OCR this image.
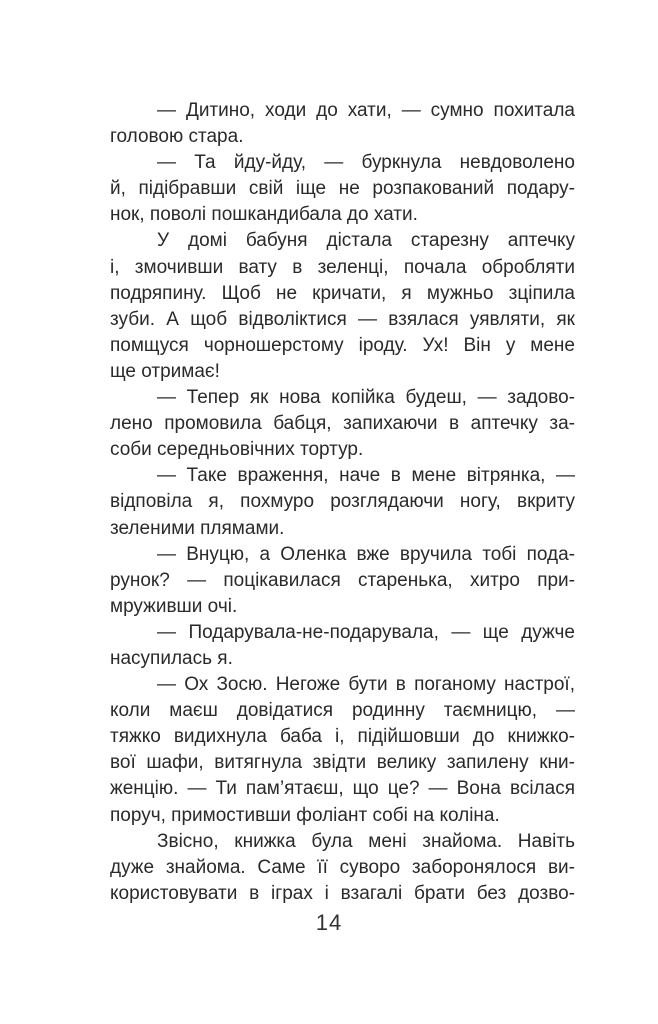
— Дитино, ходи до хати, — сумно похитала
головою стара.
— Та йду-йду, — буркнула невдоволено
й, підібравши свій іще не розпакований подару-
нок, поволі пошкандибала до хати.
У домі бабуня дістала старезну аптечку
і, змочивши вату в зеленці, почала обробляти
подряпину. Щоб не кричати, я мужньо зціпила
зуби. А щоб відволіктися — взялася уявляти, як
помщуся чорношерстому іроду. Ух! Він у мене
ще отримає!
— Тепер як нова копійка будеш, — задово-
лено промовила бабця, запихаючи в аптечку за-
соби середньовічних тортур.
— Таке враження, наче в мене вітрянка, —
відповіла я, похмуро розглядаючи ногу, вкриту
зеленими плямами.
— Внуцю, а Оленка вже вручила тобі пода-
рунок? — поцікавилася старенька, хитро при-
мруживши очі.
— Подарувала-не-подарувала, — ще дужче
насупилась я.
— Ох Зосю. Негоже бути в поганому настрої,
коли маєш довідатися родинну таємницю, —
тяжко видихнула баба і, підійшовши до книжко-
вої шафи, витягнула звідти велику запилену кни-
женцію. — Ти пам’ятаєш, що це? — Вона всілася
поруч, примостивши фоліант собі на коліна.
Звісно, книжка була мені знайома. Навіть
дуже знайома. Саме її суворо заборонялося ви-
користовувати в іграх і взагалі брати без дозво-
14
